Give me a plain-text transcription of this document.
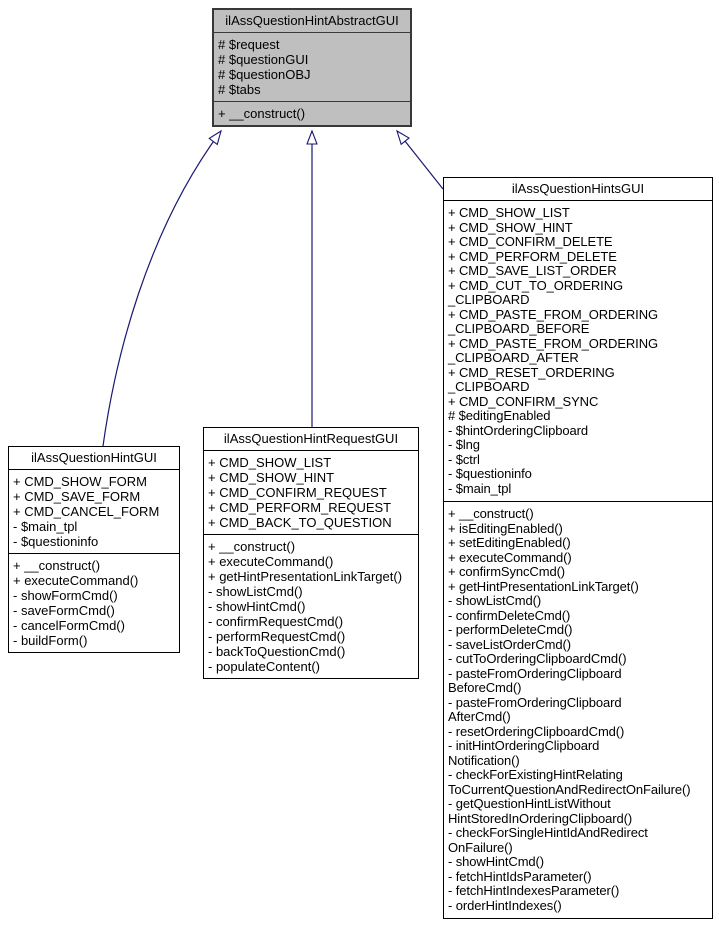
ilAssQuestionHintAbstractGUI
# $request
# $questionGUI
# $questionOBJ
# $tabs
+ __construct()
ilAssQuestionHintGUI
+ CMD_SHOW_FORM
+ CMD_SAVE_FORM
+ CMD_CANCEL_FORM
- $main_tpl
- $questioninfo
+ __construct()
+ executeCommand()
- showFormCmd()
- saveFormCmd()
- cancelFormCmd()
- buildForm()
ilAssQuestionHintRequestGUI
+ CMD_SHOW_LIST
+ CMD_SHOW_HINT
+ CMD_CONFIRM_REQUEST
+ CMD_PERFORM_REQUEST
+ CMD_BACK_TO_QUESTION
+ __construct()
+ executeCommand()
+ getHintPresentationLinkTarget()
- showListCmd()
- showHintCmd()
- confirmRequestCmd()
- performRequestCmd()
- backToQuestionCmd()
- populateContent()
ilAssQuestionHintsGUI
+ CMD_SHOW_LIST
+ CMD_SHOW_HINT
+ CMD_CONFIRM_DELETE
+ CMD_PERFORM_DELETE
+ CMD_SAVE_LIST_ORDER
+ CMD_CUT_TO_ORDERING
_CLIPBOARD
+ CMD_PASTE_FROM_ORDERING
_CLIPBOARD_BEFORE
+ CMD_PASTE_FROM_ORDERING
_CLIPBOARD_AFTER
+ CMD_RESET_ORDERING
_CLIPBOARD
+ CMD_CONFIRM_SYNC
# $editingEnabled
- $hintOrderingClipboard
- $lng
- $ctrl
- $questioninfo
- $main_tpl
+ __construct()
+ isEditingEnabled()
+ setEditingEnabled()
+ executeCommand()
+ confirmSyncCmd()
+ getHintPresentationLinkTarget()
- showListCmd()
- confirmDeleteCmd()
- performDeleteCmd()
- saveListOrderCmd()
- cutToOrderingClipboardCmd()
- pasteFromOrderingClipboard
BeforeCmd()
- pasteFromOrderingClipboard
AfterCmd()
- resetOrderingClipboardCmd()
- initHintOrderingClipboard
Notification()
- checkForExistingHintRelating
ToCurrentQuestionAndRedirectOnFailure()
- getQuestionHintListWithout
HintStoredInOrderingClipboard()
- checkForSingleHintIdAndRedirect
OnFailure()
- showHintCmd()
- fetchHintIdsParameter()
- fetchHintIndexesParameter()
- orderHintIndexes()
